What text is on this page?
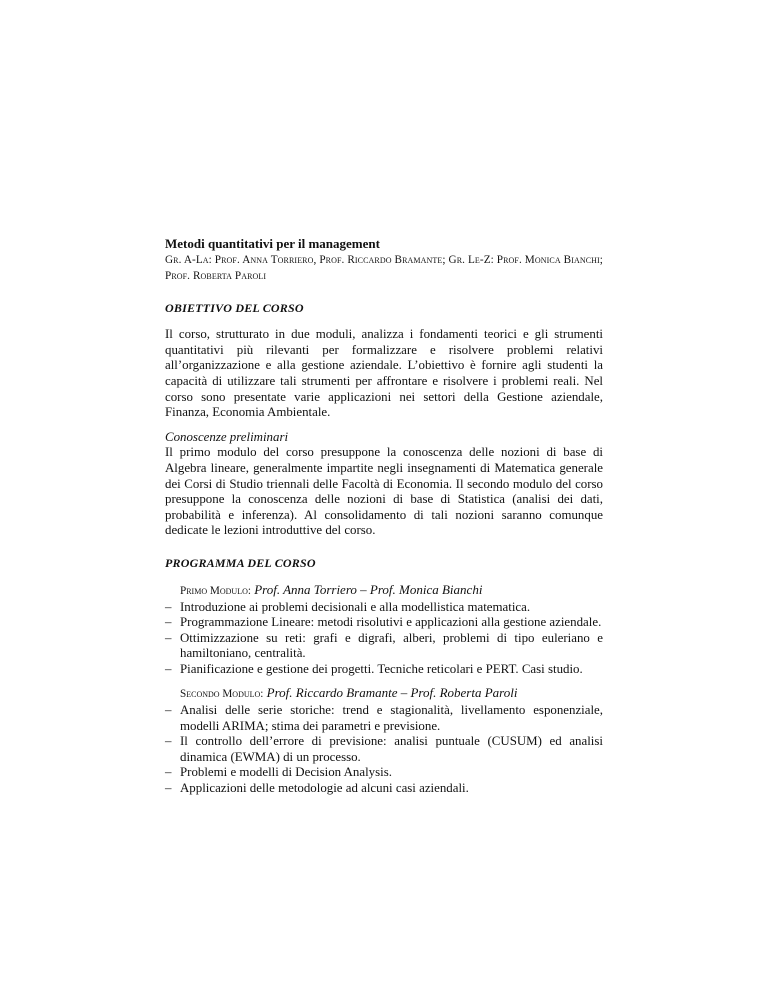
Metodi quantitativi per il management

Gr. A-La: Prof. Anna Torriero, Prof. Riccardo Bramante; Gr. Le-Z: Prof. Monica Bianchi; Prof. Roberta Paroli

OBIETTIVO DEL CORSO

Il corso, strutturato in due moduli, analizza i fondamenti teorici e gli strumenti quantitativi più rilevanti per formalizzare e risolvere problemi relativi all’organizzazione e alla gestione aziendale. L’obiettivo è fornire agli studenti la capacità di utilizzare tali strumenti per affrontare e risolvere i problemi reali. Nel corso sono presentate varie applicazioni nei settori della Gestione aziendale, Finanza, Economia Ambientale.

Conoscenze preliminari

Il primo modulo del corso presuppone la conoscenza delle nozioni di base di Algebra lineare, generalmente impartite negli insegnamenti di Matematica generale dei Corsi di Studio triennali delle Facoltà di Economia. Il secondo modulo del corso presuppone la conoscenza delle nozioni di base di Statistica (analisi dei dati, probabilità e inferenza). Al consolidamento di tali nozioni saranno comunque dedicate le lezioni introduttive del corso.

PROGRAMMA DEL CORSO
Primo Modulo: Prof. Anna Torriero – Prof. Monica Bianchi
– Introduzione ai problemi decisionali e alla modellistica matematica.
– Programmazione Lineare: metodi risolutivi e applicazioni alla gestione aziendale.
– Ottimizzazione su reti: grafi e digrafi, alberi, problemi di tipo euleriano e hamiltoniano, centralità.
– Pianificazione e gestione dei progetti. Tecniche reticolari e PERT. Casi studio.
Secondo Modulo: Prof. Riccardo Bramante – Prof. Roberta Paroli
– Analisi delle serie storiche: trend e stagionalità, livellamento esponenziale, modelli ARIMA; stima dei parametri e previsione.
– Il controllo dell’errore di previsione: analisi puntuale (CUSUM) ed analisi dinamica (EWMA) di un processo.
– Problemi e modelli di Decision Analysis.
– Applicazioni delle metodologie ad alcuni casi aziendali.
